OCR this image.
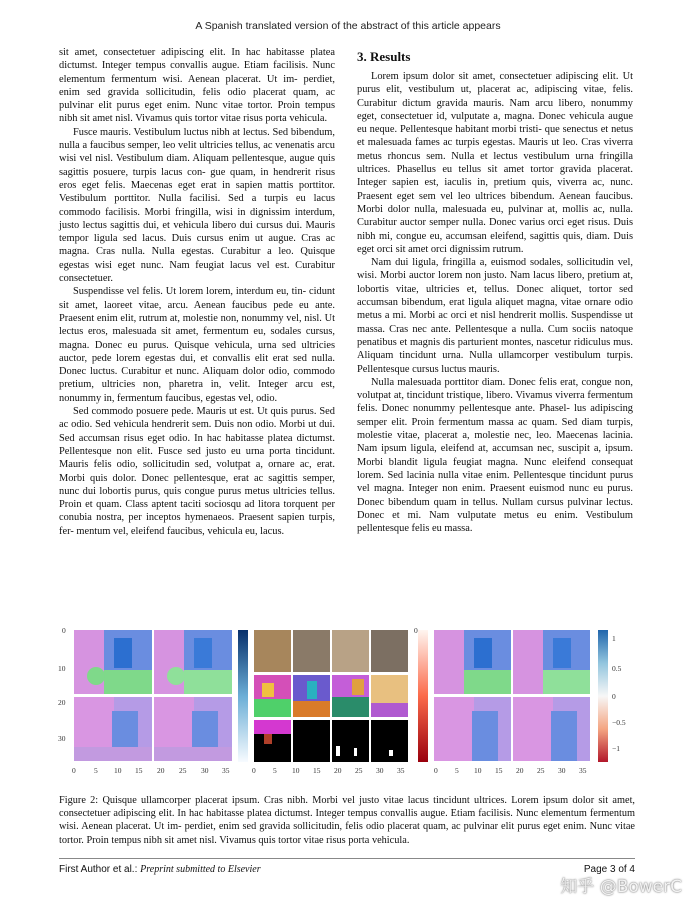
A Spanish translated version of the abstract of this article appears

sit amet, consectetuer adipiscing elit. In hac habitasse platea dictumst. Integer tempus convallis augue. Etiam facilisis. Nunc elementum fermentum wisi. Aenean placerat. Ut im- perdiet, enim sed gravida sollicitudin, felis odio placerat quam, ac pulvinar elit purus eget enim. Nunc vitae tortor. Proin tempus nibh sit amet nisl. Vivamus quis tortor vitae risus porta vehicula.

Fusce mauris. Vestibulum luctus nibh at lectus. Sed bibendum, nulla a faucibus semper, leo velit ultricies tellus, ac venenatis arcu wisi vel nisl. Vestibulum diam. Aliquam pellentesque, augue quis sagittis posuere, turpis lacus con- gue quam, in hendrerit risus eros eget felis. Maecenas eget erat in sapien mattis porttitor. Vestibulum porttitor. Nulla facilisi. Sed a turpis eu lacus commodo facilisis. Morbi fringilla, wisi in dignissim interdum, justo lectus sagittis dui, et vehicula libero dui cursus dui. Mauris tempor ligula sed lacus. Duis cursus enim ut augue. Cras ac magna. Cras nulla. Nulla egestas. Curabitur a leo. Quisque egestas wisi eget nunc. Nam feugiat lacus vel est. Curabitur consectetuer.

Suspendisse vel felis. Ut lorem lorem, interdum eu, tin- cidunt sit amet, laoreet vitae, arcu. Aenean faucibus pede eu ante. Praesent enim elit, rutrum at, molestie non, nonummy vel, nisl. Ut lectus eros, malesuada sit amet, fermentum eu, sodales cursus, magna. Donec eu purus. Quisque vehicula, urna sed ultricies auctor, pede lorem egestas dui, et convallis elit erat sed nulla. Donec luctus. Curabitur et nunc. Aliquam dolor odio, commodo pretium, ultricies non, pharetra in, velit. Integer arcu est, nonummy in, fermentum faucibus, egestas vel, odio.

Sed commodo posuere pede. Mauris ut est. Ut quis purus. Sed ac odio. Sed vehicula hendrerit sem. Duis non odio. Morbi ut dui. Sed accumsan risus eget odio. In hac habitasse platea dictumst. Pellentesque non elit. Fusce sed justo eu urna porta tincidunt. Mauris felis odio, sollicitudin sed, volutpat a, ornare ac, erat. Morbi quis dolor. Donec pellentesque, erat ac sagittis semper, nunc dui lobortis purus, quis congue purus metus ultricies tellus. Proin et quam. Class aptent taciti sociosqu ad litora torquent per conubia nostra, per inceptos hymenaeos. Praesent sapien turpis, fer- mentum vel, eleifend faucibus, vehicula eu, lacus.

3. Results

Lorem ipsum dolor sit amet, consectetuer adipiscing elit. Ut purus elit, vestibulum ut, placerat ac, adipiscing vitae, felis. Curabitur dictum gravida mauris. Nam arcu libero, nonummy eget, consectetuer id, vulputate a, magna. Donec vehicula augue eu neque. Pellentesque habitant morbi tristi- que senectus et netus et malesuada fames ac turpis egestas. Mauris ut leo. Cras viverra metus rhoncus sem. Nulla et lectus vestibulum urna fringilla ultrices. Phasellus eu tellus sit amet tortor gravida placerat. Integer sapien est, iaculis in, pretium quis, viverra ac, nunc. Praesent eget sem vel leo ultrices bibendum. Aenean faucibus. Morbi dolor nulla, malesuada eu, pulvinar at, mollis ac, nulla. Curabitur auctor semper nulla. Donec varius orci eget risus. Duis nibh mi, congue eu, accumsan eleifend, sagittis quis, diam. Duis eget orci sit amet orci dignissim rutrum.

Nam dui ligula, fringilla a, euismod sodales, sollicitudin vel, wisi. Morbi auctor lorem non justo. Nam lacus libero, pretium at, lobortis vitae, ultricies et, tellus. Donec aliquet, tortor sed accumsan bibendum, erat ligula aliquet magna, vitae ornare odio metus a mi. Morbi ac orci et nisl hendrerit mollis. Suspendisse ut massa. Cras nec ante. Pellentesque a nulla. Cum sociis natoque penatibus et magnis dis parturient montes, nascetur ridiculus mus. Aliquam tincidunt urna. Nulla ullamcorper vestibulum turpis. Pellentesque cursus luctus mauris.

Nulla malesuada porttitor diam. Donec felis erat, congue non, volutpat at, tincidunt tristique, libero. Vivamus viverra fermentum felis. Donec nonummy pellentesque ante. Phasel- lus adipiscing semper elit. Proin fermentum massa ac quam. Sed diam turpis, molestie vitae, placerat a, molestie nec, leo. Maecenas lacinia. Nam ipsum ligula, eleifend at, accumsan nec, suscipit a, ipsum. Morbi blandit ligula feugiat magna. Nunc eleifend consequat lorem. Sed lacinia nulla vitae enim. Pellentesque tincidunt purus vel magna. Integer non enim. Praesent euismod nunc eu purus. Donec bibendum quam in tellus. Nullam cursus pulvinar lectus. Donec et mi. Nam vulputate metus eu enim. Vestibulum pellentesque felis eu massa.

0
10
20
30
0
1
0.5
0
−0.5
−1
0 5 10 15 20 25 30 35	0 5 10 15 20 25 30 35	0 5 10 15 20 25 30 35
Figure 2: Quisque ullamcorper placerat ipsum. Cras nibh. Morbi vel justo vitae lacus tincidunt ultrices. Lorem ipsum dolor sit amet, consectetuer adipiscing elit. In hac habitasse platea dictumst. Integer tempus convallis augue. Etiam facilisis. Nunc elementum fermentum wisi. Aenean placerat. Ut im- perdiet, enim sed gravida sollicitudin, felis odio placerat quam, ac pulvinar elit purus eget enim. Nunc vitae tortor. Proin tempus nibh sit amet nisl. Vivamus quis tortor vitae risus porta vehicula.
First Author et al.: Preprint submitted to Elsevier	Page 3 of 4
知乎 @BowerC
